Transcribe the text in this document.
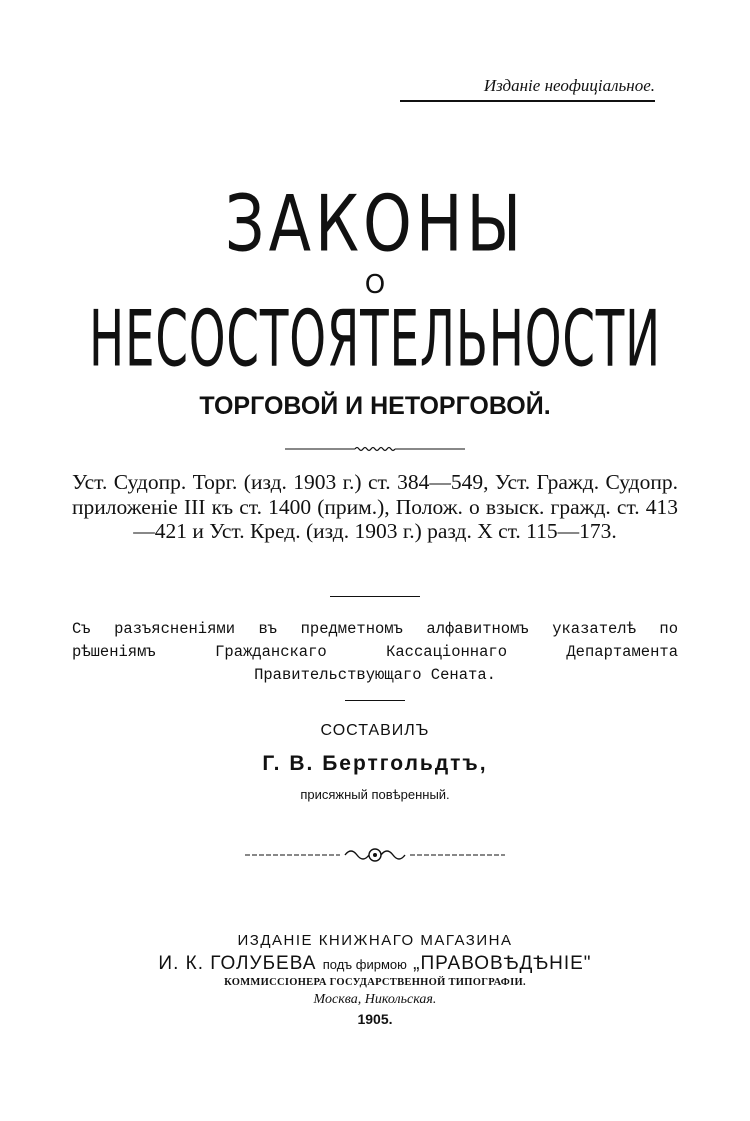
Изданіе неофиціальное.
ЗАКОНЫ
О
НЕСОСТОЯТЕЛЬНОСТИ
ТОРГОВОЙ И НЕТОРГОВОЙ.
Уст. Судопр. Торг. (изд. 1903 г.) ст. 384—549, Уст. Гражд. Судопр. приложеніе III къ ст. 1400 (прим.), Полож. о взыск. гражд. ст. 413—421 и Уст. Кред. (изд. 1903 г.) разд. X ст. 115—173.
Съ разъясненіями въ предметномъ алфавитномъ указателѣ по рѣшеніямъ Гражданскаго Кассаціоннаго Департамента Правительствующаго Сената.
СОСТАВИЛЪ
Г. В. Бертгольдтъ,
присяжный повѣренный.
ИЗДАНІЕ КНИЖНАГО МАГАЗИНА
И. К. ГОЛУБЕВА подъ фирмою „ПРАВОВѢДѢНІЕ"
КОММИССІОНЕРА ГОСУДАРСТВЕННОЙ ТИПОГРАФІИ.
Москва, Никольская.
1905.
